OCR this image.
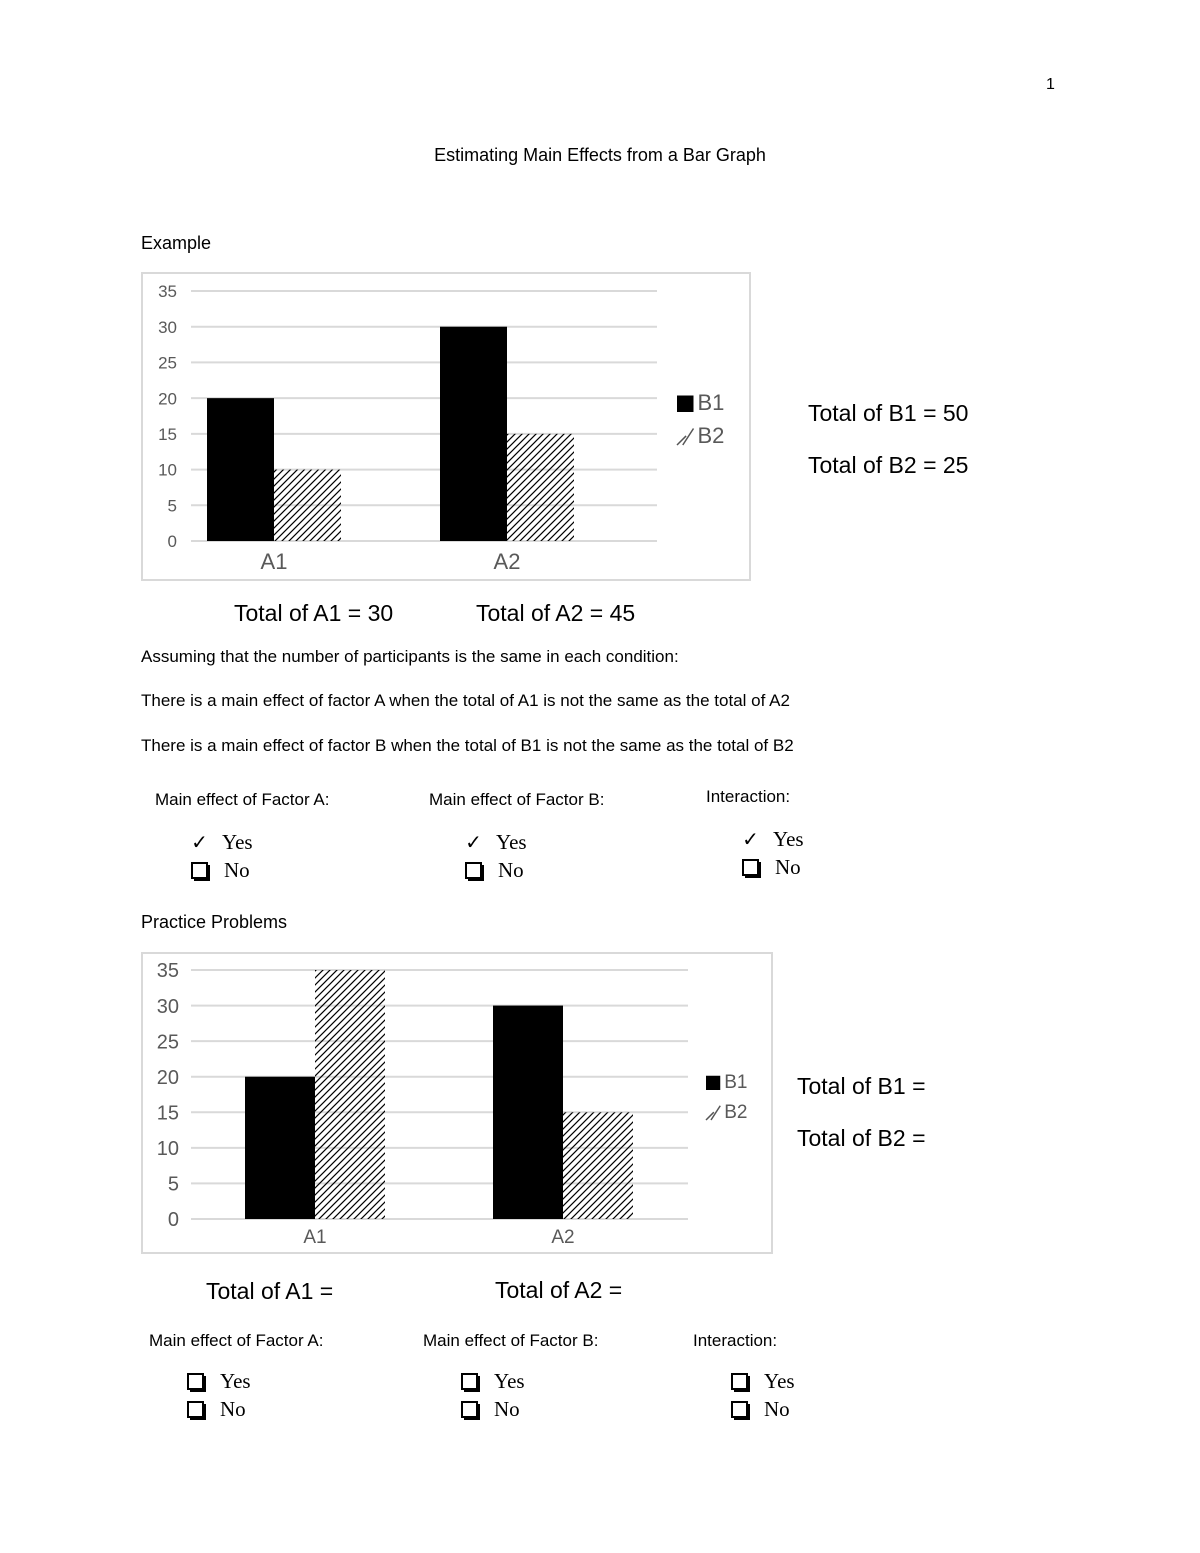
1
Estimating Main Effects from a Bar Graph
Example
0
5
10
15
20
25
30
35
A1	A2
B1
B2
Total of B1 = 50
Total of B2 = 25
Total of A1 = 30	Total of A2 = 45
Assuming that the number of participants is the same in each condition:
There is a main effect of factor A when the total of A1 is not the same as the total of A2
There is a main effect of factor B when the total of B1 is not the same as the total of B2
Main effect of Factor A:
✓ Yes
No
Main effect of Factor B:
✓ Yes
No
Interaction:
✓ Yes
No
Practice Problems
0
5
10
15
20
25
30
35
A1	A2
B1
B2
Total of B1 =
Total of B2 =
Total of A1 =	Total of A2 =
Main effect of Factor A:
Yes
No
Main effect of Factor B:
Yes
No
Interaction:
Yes
No
